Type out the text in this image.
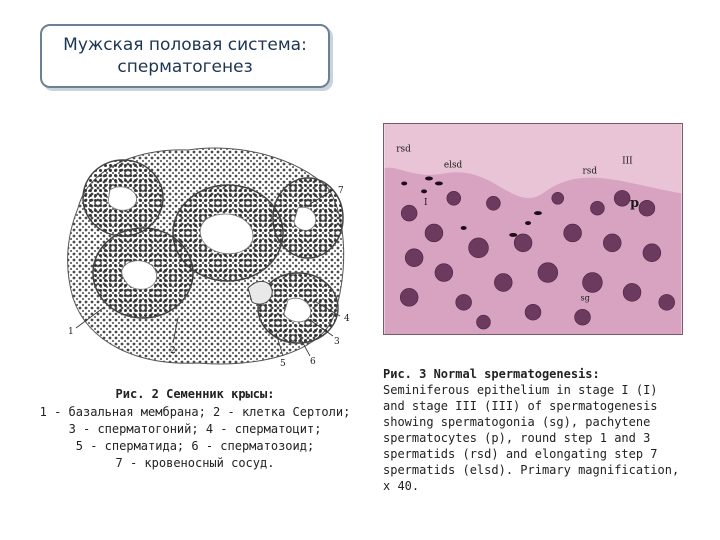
Мужская половая система:
сперматогенез
7
1
2
3
4
5	6
rsd
elsd
rsd
III
I	p
sg
Рис. 2 Семенник крысы:
1 - базальная мембрана; 2 - клетка Сертоли;
3 - сперматогоний; 4 - сперматоцит;
5 - сперматида; 6 - сперматозоид;
7 - кровеносный сосуд.
Рис. 3 Normal spermatogenesis:
Seminiferous epithelium in stage I (I) and stage III (III) of spermatogenesis showing spermatogonia (sg), pachytene spermatocytes (p), round step 1 and 3 spermatids (rsd) and elongating step 7 spermatids (elsd). Primary magnification, x 40.
